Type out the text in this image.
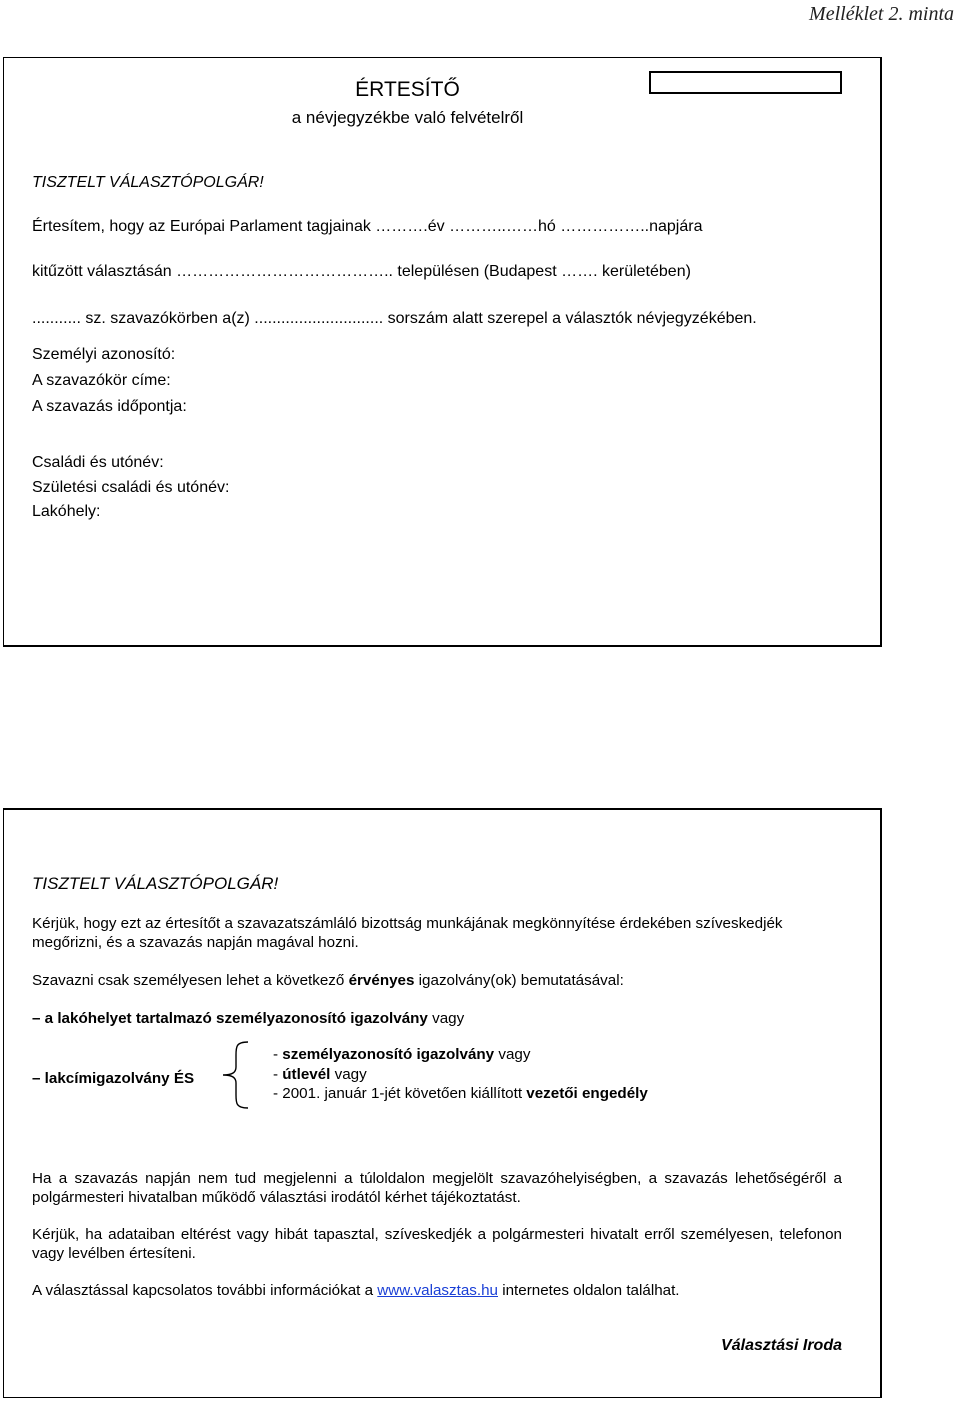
Melléklet 2. minta
ÉRTESÍTŐ
a névjegyzékbe való felvételről
TISZTELT VÁLASZTÓPOLGÁR!
Értesítem, hogy az Európai Parlament tagjainak ……….év ………..……hó ……………..napjára
kitűzött választásán ………………………………….. településen (Budapest ……. kerületében)
........... sz. szavazókörben a(z) ............................. sorszám alatt szerepel a választók névjegyzékében.
Személyi azonosító:
A szavazókör címe:
A szavazás időpontja:
Családi és utónév:
Születési családi és utónév:
Lakóhely:
TISZTELT VÁLASZTÓPOLGÁR!
Kérjük, hogy ezt az értesítőt a szavazatszámláló bizottság munkájának megkönnyítése érdekében szíveskedjék megőrizni, és a szavazás napján magával hozni.
Szavazni csak személyesen lehet a következő érvényes igazolvány(ok) bemutatásával:
– a lakóhelyet tartalmazó személyazonosító igazolvány vagy
– lakcímigazolvány ÉS
- személyazonosító igazolvány vagy
- útlevél vagy
- 2001. január 1-jét követően kiállított vezetői engedély
Ha a szavazás napján nem tud megjelenni a túloldalon megjelölt szavazóhelyiségben, a szavazás lehetőségéről a polgármesteri hivatalban működő választási irodától kérhet tájékoztatást.
Kérjük, ha adataiban eltérést vagy hibát tapasztal, szíveskedjék a polgármesteri hivatalt erről személyesen, telefonon vagy levélben értesíteni.
A választással kapcsolatos további információkat a www.valasztas.hu internetes oldalon találhat.
Választási Iroda
